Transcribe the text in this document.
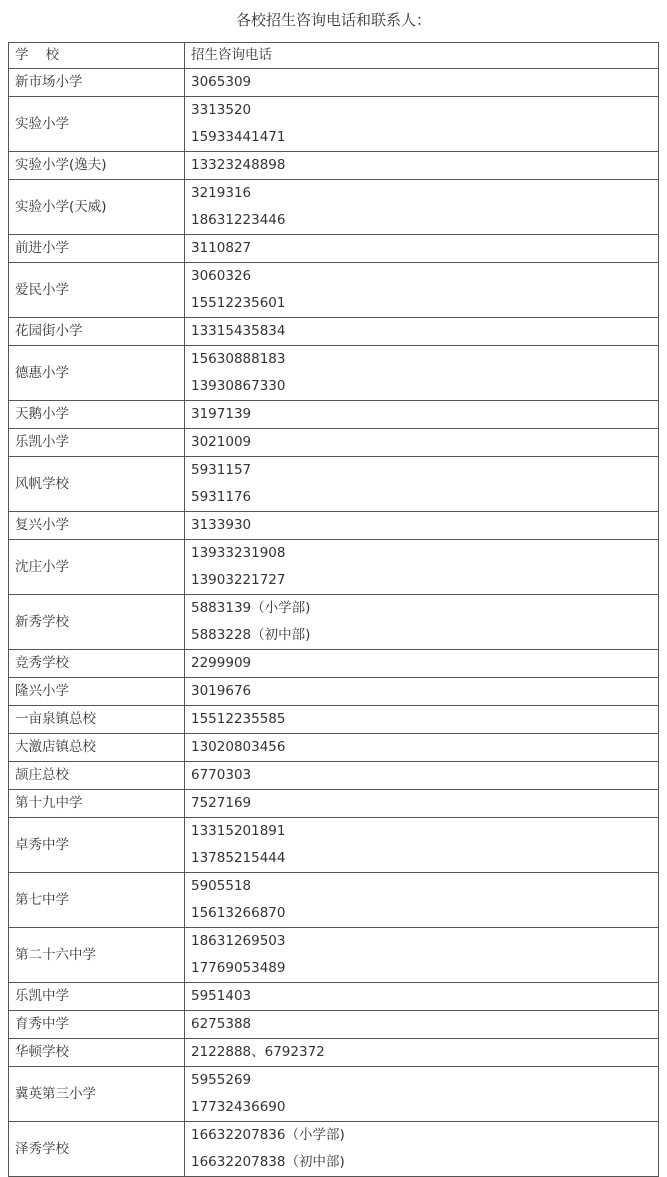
各校招生咨询电话和联系人：
学    校	招生咨询电话

新市场小学	3065309

实验小学	3313520
15933441471

实验小学(逸夫)	13323248898

实验小学(天威)	3219316
18631223446

前进小学	3110827

爱民小学	3060326
15512235601

花园街小学	13315435834

德惠小学	15630888183
13930867330

天鹅小学	3197139

乐凯小学	3021009

风帆学校	5931157
5931176

复兴小学	3133930

沈庄小学	13933231908
13903221727

新秀学校	5883139（小学部)
5883228（初中部)

竞秀学校	2299909

隆兴小学	3019676

一亩泉镇总校	15512235585

大激店镇总校	13020803456

颉庄总校	6770303

第十九中学	7527169

卓秀中学	13315201891
13785215444

第七中学	5905518
15613266870

第二十六中学	18631269503
17769053489

乐凯中学	5951403

育秀中学	6275388

华顿学校	2122888、6792372

冀英第三小学	5955269
17732436690

泽秀学校	16632207836（小学部)
16632207838（初中部)
